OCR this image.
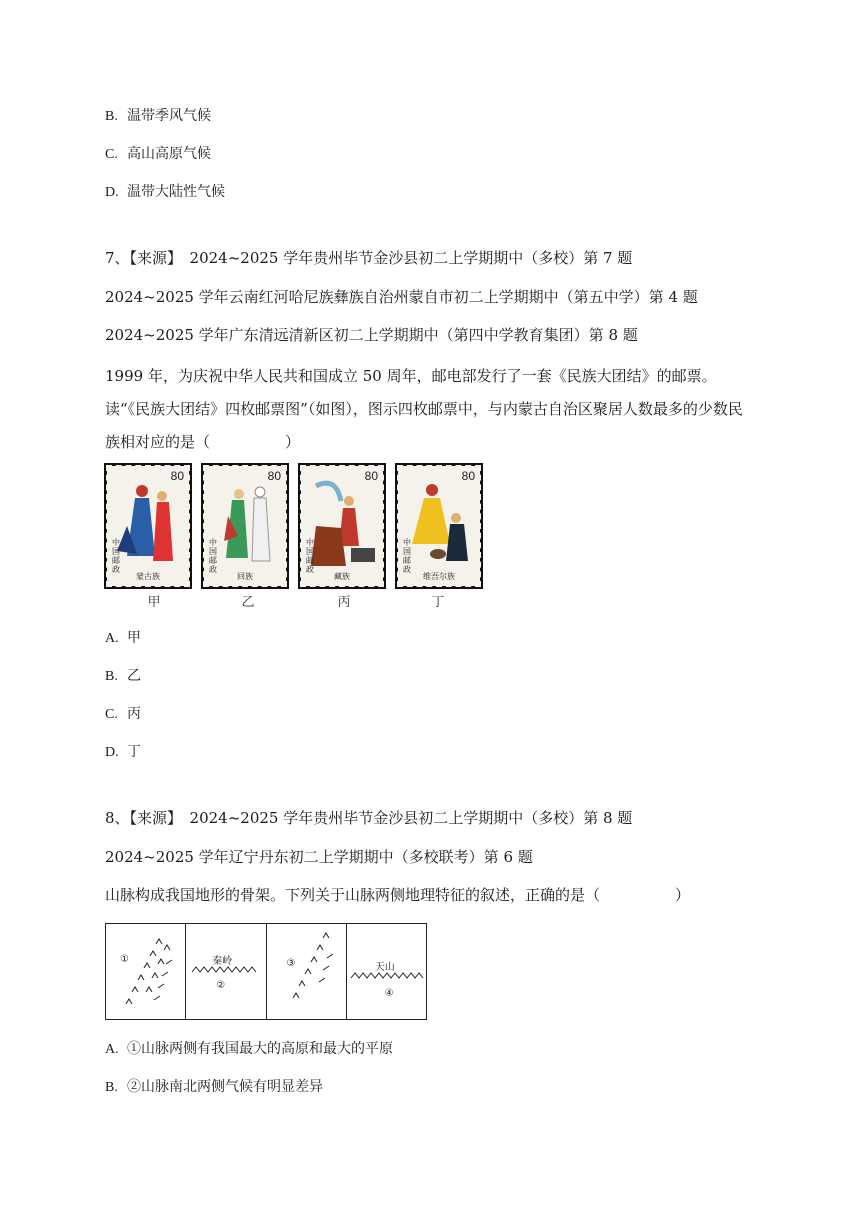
B. 温带季风气候
C. 高山高原气候
D. 温带大陆性气候
7、【来源】　2024~2025 学年贵州毕节金沙县初二上学期期中（多校）第 7 题
2024~2025 学年云南红河哈尼族彝族自治州蒙自市初二上学期期中（第五中学）第 4 题
2024~2025 学年广东清远清新区初二上学期期中（第四中学教育集团）第 8 题
1999 年，为庆祝中华人民共和国成立 50 周年，邮电部发行了一套《民族大团结》的邮票。读“《民族大团结》四枚邮票图”（如图），图示四枚邮票中，与内蒙古自治区聚居人数最多的少数民族相对应的是（　　　　　）
80
中国邮政
蒙古族
80
中国邮政
回族
80
中国邮政
藏族
80
中国邮政
维吾尔族
甲	乙	丙	丁
A. 甲
B. 乙
C. 丙
D. 丁
8、【来源】　2024~2025 学年贵州毕节金沙县初二上学期期中（多校）第 8 题
2024~2025 学年辽宁丹东初二上学期期中（多校联考）第 6 题
山脉构成我国地形的骨架。下列关于山脉两侧地理特征的叙述，正确的是（　　　　　）
①	秦岭
②
③	天山
④
A. ①山脉两侧有我国最大的高原和最大的平原
B. ②山脉南北两侧气候有明显差异
